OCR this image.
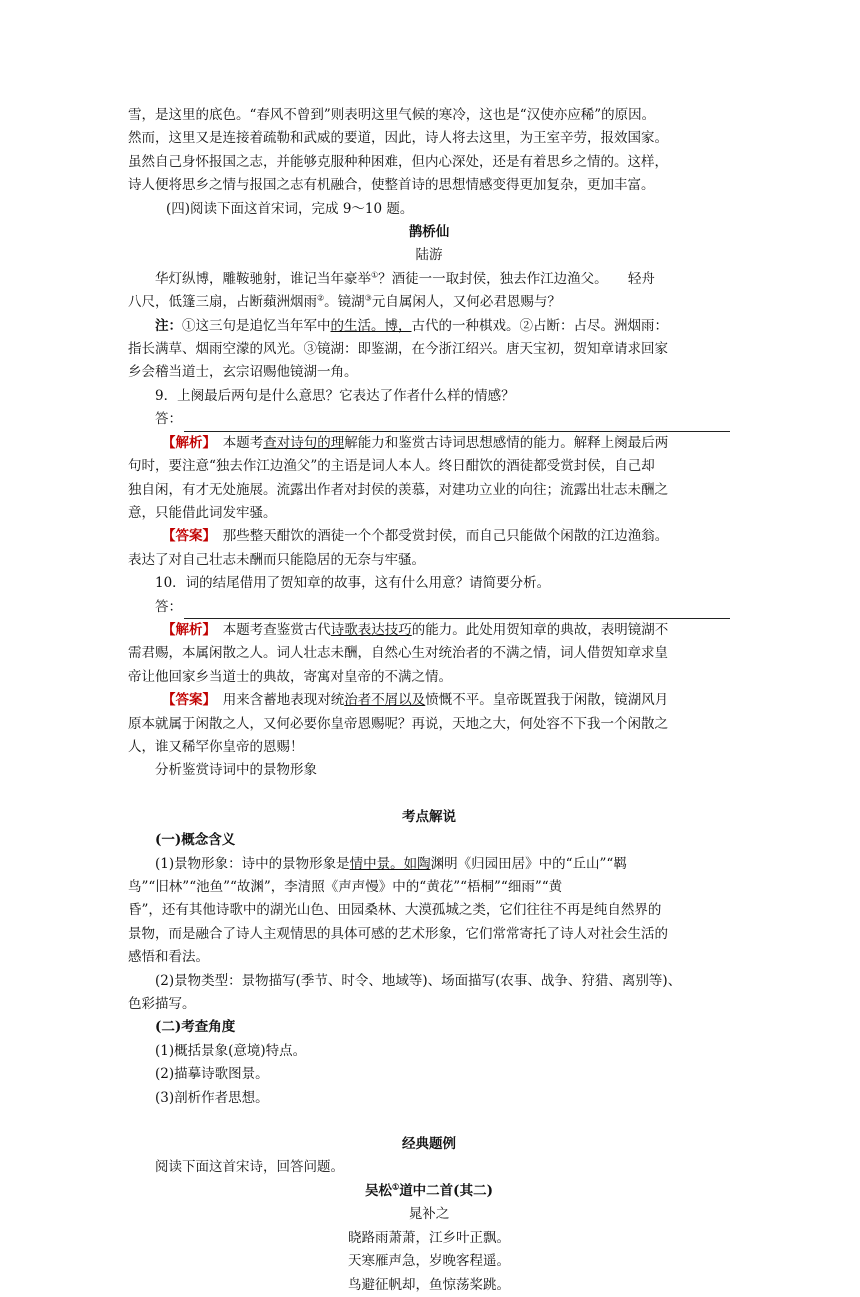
雪，是这里的底色。“春风不曾到”则表明这里气候的寒冷，这也是“汉使亦应稀”的原因。
然而，这里又是连接着疏勒和武威的要道，因此，诗人将去这里，为王室辛劳，报效国家。
虽然自己身怀报国之志，并能够克服种种困难，但内心深处，还是有着思乡之情的。这样，
诗人便将思乡之情与报国之志有机融合，使整首诗的思想情感变得更加复杂，更加丰富。
(四)阅读下面这首宋词，完成 9～10 题。
鹊桥仙
陆游
华灯纵博，雕鞍驰射，谁记当年豪举①？酒徒一一取封侯，独去作江边渔父。　　轻舟
八尺，低篷三扇，占断蘋洲烟雨②。镜湖③元自属闲人，又何必君恩赐与？
注：①这三句是追忆当年军中的生活。博，古代的一种棋戏。②占断：占尽。洲烟雨：
指长满草、烟雨空濛的风光。③镜湖：即鉴湖，在今浙江绍兴。唐天宝初，贺知章请求回家
乡会稽当道士，玄宗诏赐他镜湖一角。
9．上阕最后两句是什么意思？它表达了作者什么样的情感？
答：
【解析】　本题考查对诗句的理解能力和鉴赏古诗词思想感情的能力。解释上阕最后两
句时，要注意“独去作江边渔父”的主语是词人本人。终日酣饮的酒徒都受赏封侯，自己却
独自闲，有才无处施展。流露出作者对封侯的羡慕，对建功立业的向往；流露出壮志未酬之
意，只能借此词发牢骚。
【答案】　那些整天酣饮的酒徒一个个都受赏封侯，而自己只能做个闲散的江边渔翁。
表达了对自己壮志未酬而只能隐居的无奈与牢骚。
10．词的结尾借用了贺知章的故事，这有什么用意？请简要分析。
答：
【解析】　本题考查鉴赏古代诗歌表达技巧的能力。此处用贺知章的典故，表明镜湖不
需君赐，本属闲散之人。词人壮志未酬，自然心生对统治者的不满之情，词人借贺知章求皇
帝让他回家乡当道士的典故，寄寓对皇帝的不满之情。
【答案】　用来含蓄地表现对统治者不屑以及愤慨不平。皇帝既置我于闲散，镜湖风月
原本就属于闲散之人，又何必要你皇帝恩赐呢？再说，天地之大，何处容不下我一个闲散之
人，谁又稀罕你皇帝的恩赐！
分析鉴赏诗词中的景物形象
考点解说
(一)概念含义
(1)景物形象：诗中的景物形象是情中景。如陶渊明《归园田居》中的“丘山”“羁
鸟”“旧林”“池鱼”“故渊”，李清照《声声慢》中的“黄花”“梧桐”“细雨”“黄
昏”，还有其他诗歌中的湖光山色、田园桑林、大漠孤城之类，它们往往不再是纯自然界的
景物，而是融合了诗人主观情思的具体可感的艺术形象，它们常常寄托了诗人对社会生活的
感悟和看法。
(2)景物类型：景物描写(季节、时令、地域等)、场面描写(农事、战争、狩猎、离别等)、
色彩描写。
(二)考查角度
(1)概括景象(意境)特点。
(2)描摹诗歌图景。
(3)剖析作者思想。
经典题例
阅读下面这首宋诗，回答问题。
吴松①道中二首(其二)
晁补之
晓路雨萧萧，江乡叶正飘。
天寒雁声急，岁晚客程遥。
鸟避征帆却，鱼惊荡桨跳。
